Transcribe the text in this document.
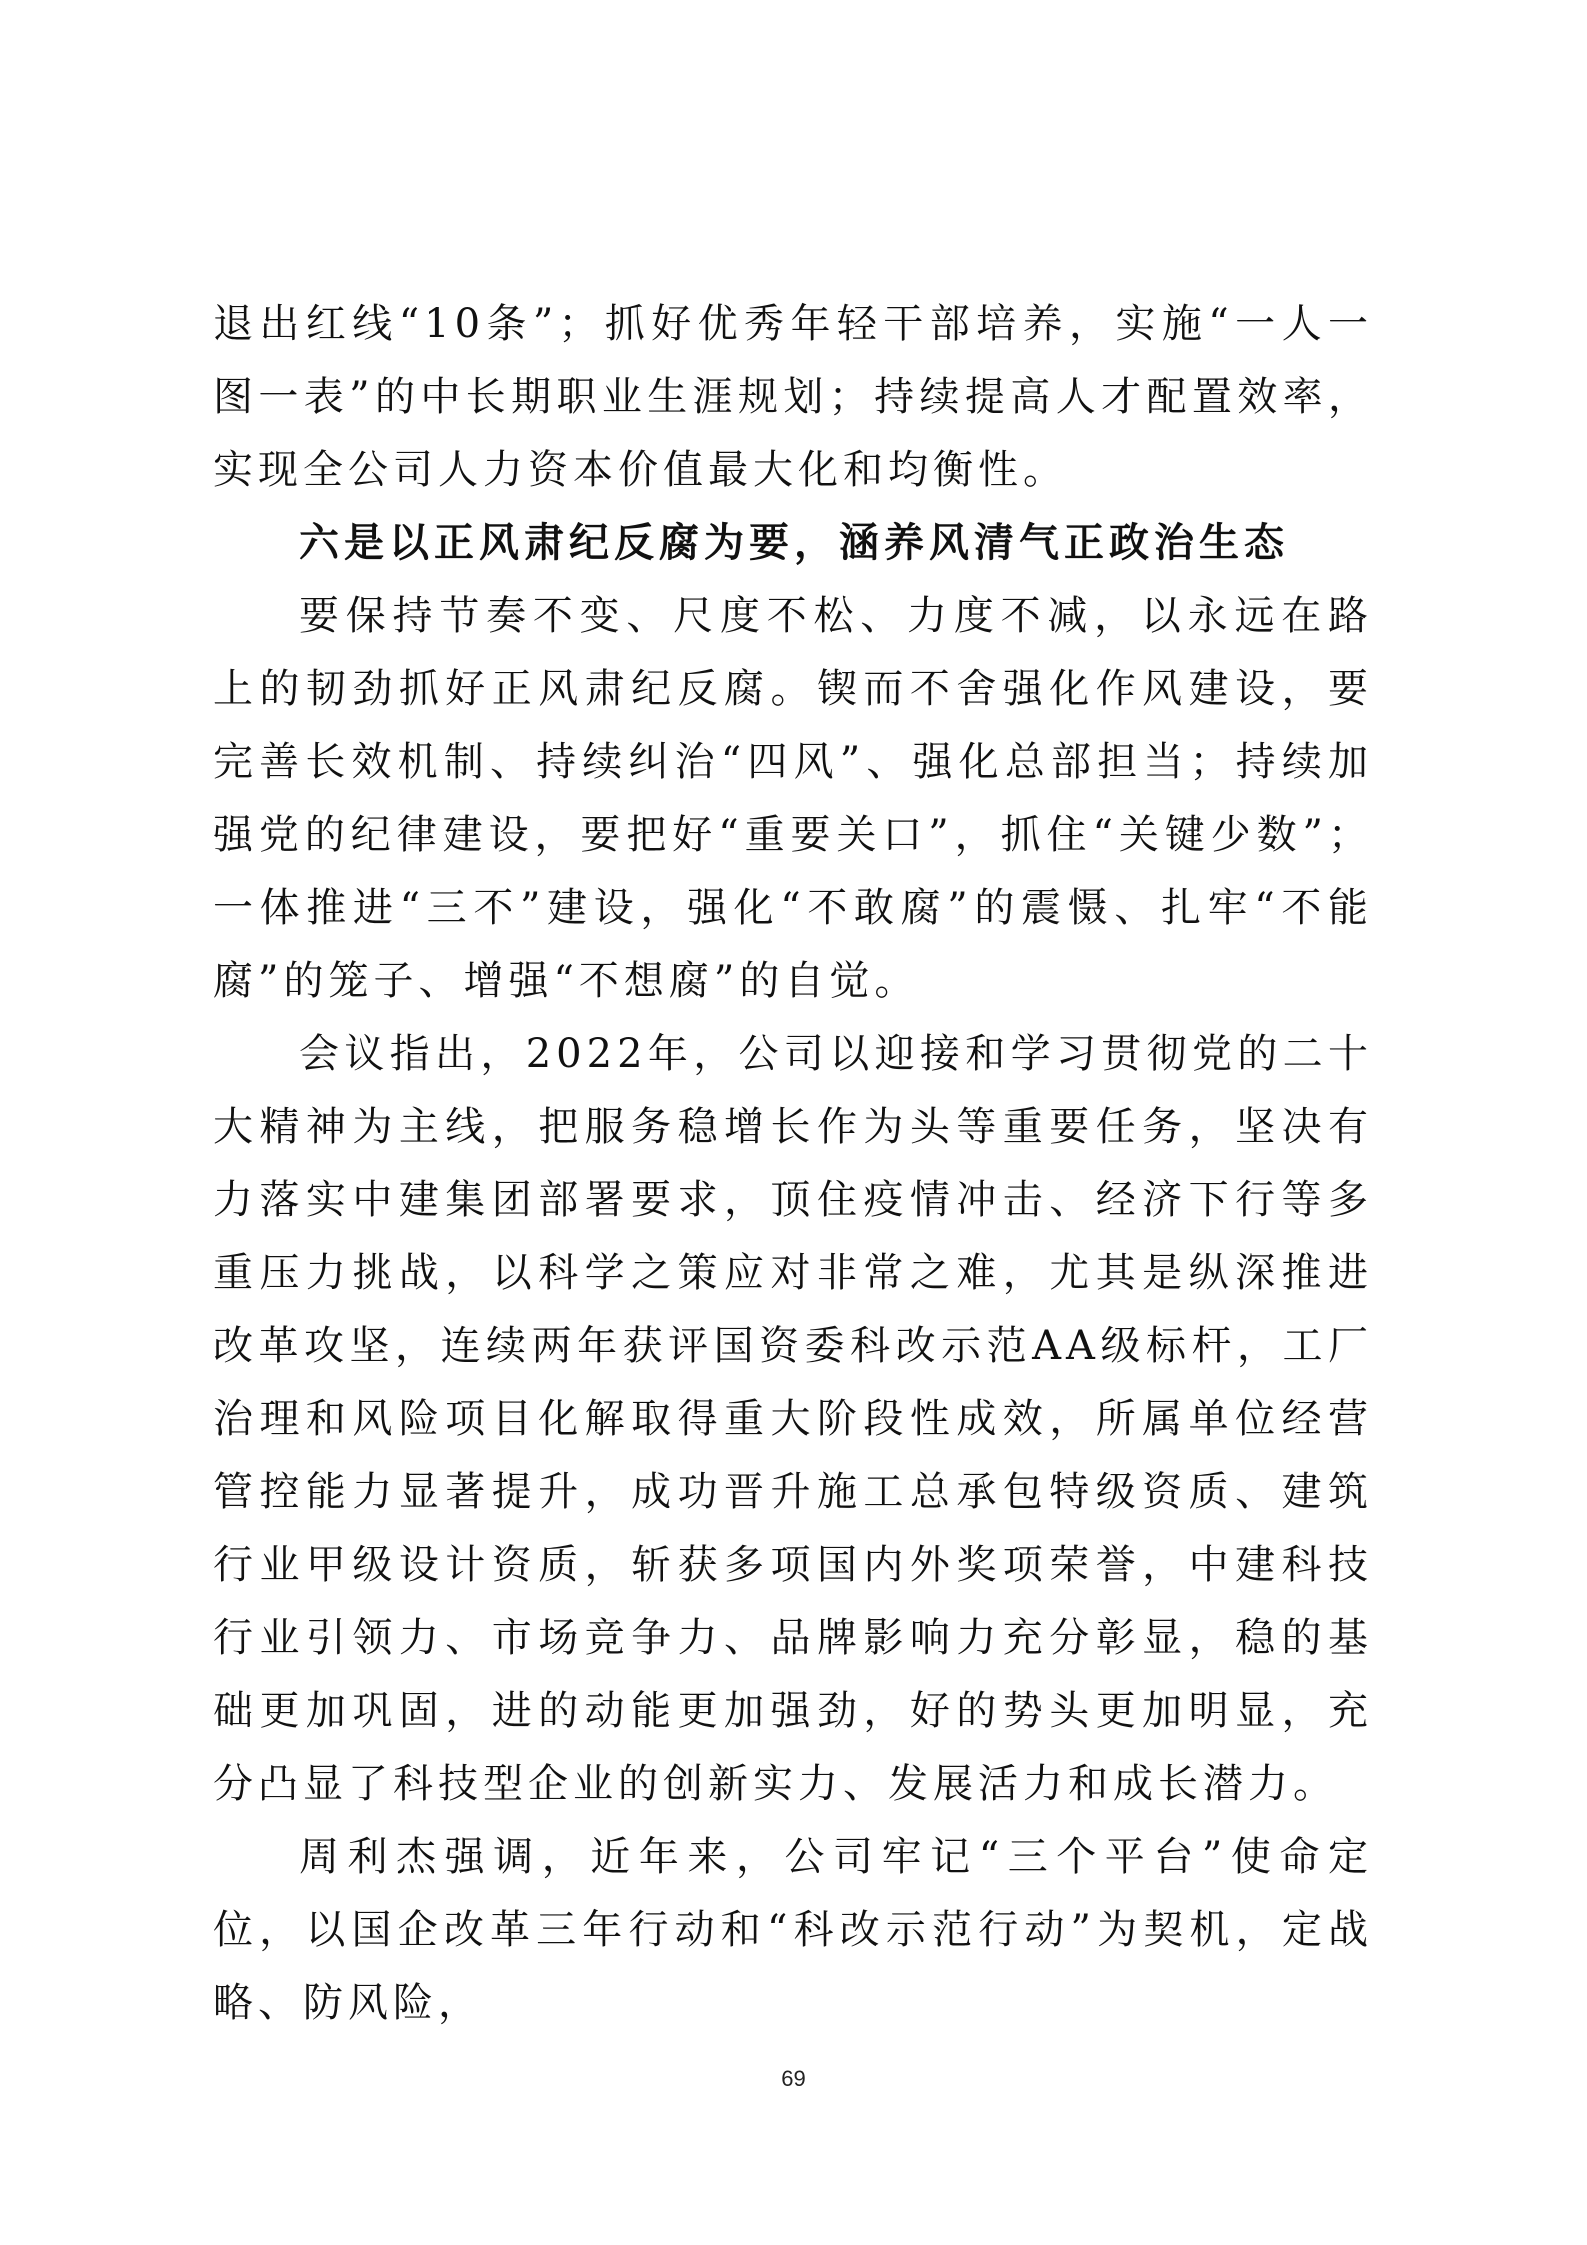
退出红线“10条”；抓好优秀年轻干部培养，实施“一人一图一表”的中长期职业生涯规划；持续提高人才配置效率，实现全公司人力资本价值最大化和均衡性。

六是以正风肃纪反腐为要，涵养风清气正政治生态

要保持节奏不变、尺度不松、力度不减，以永远在路上的韧劲抓好正风肃纪反腐。锲而不舍强化作风建设，要完善长效机制、持续纠治“四风”、强化总部担当；持续加强党的纪律建设，要把好“重要关口”，抓住“关键少数”；一体推进“三不”建设，强化“不敢腐”的震慑、扎牢“不能腐”的笼子、增强“不想腐”的自觉。

会议指出，2022年，公司以迎接和学习贯彻党的二十大精神为主线，把服务稳增长作为头等重要任务，坚决有力落实中建集团部署要求，顶住疫情冲击、经济下行等多重压力挑战，以科学之策应对非常之难，尤其是纵深推进改革攻坚，连续两年获评国资委科改示范AA级标杆，工厂治理和风险项目化解取得重大阶段性成效，所属单位经营管控能力显著提升，成功晋升施工总承包特级资质、建筑行业甲级设计资质，斩获多项国内外奖项荣誉，中建科技行业引领力、市场竞争力、品牌影响力充分彰显，稳的基础更加巩固，进的动能更加强劲，好的势头更加明显，充分凸显了科技型企业的创新实力、发展活力和成长潜力。

周利杰强调，近年来，公司牢记“三个平台”使命定位，以国企改革三年行动和“科改示范行动”为契机，定战略、防风险，

69
